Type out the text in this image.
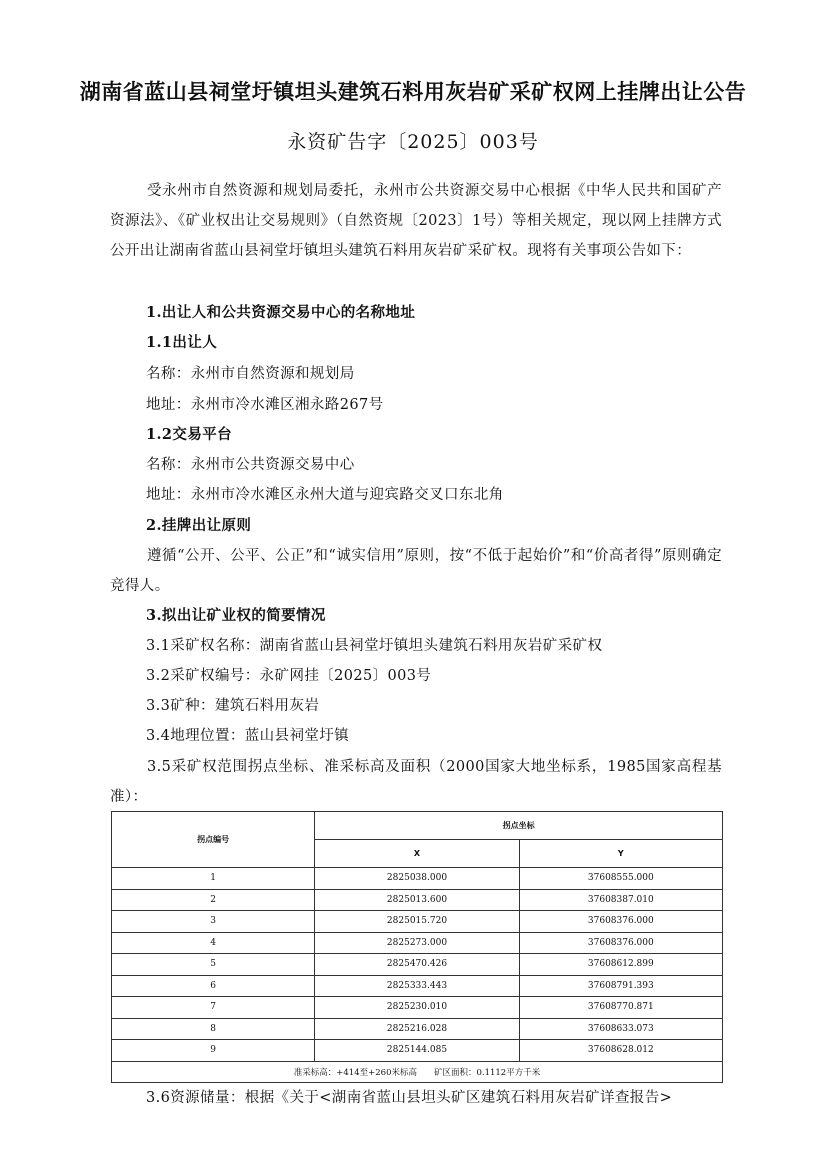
湖南省蓝山县祠堂圩镇坦头建筑石料用灰岩矿采矿权网上挂牌出让公告
永资矿告字〔2025〕003号
受永州市自然资源和规划局委托，永州市公共资源交易中心根据《中华人民共和国矿产资源法》、《矿业权出让交易规则》（自然资规〔2023〕1号）等相关规定，现以网上挂牌方式公开出让湖南省蓝山县祠堂圩镇坦头建筑石料用灰岩矿采矿权。现将有关事项公告如下：
1.出让人和公共资源交易中心的名称地址
1.1出让人
名称：永州市自然资源和规划局
地址：永州市冷水滩区湘永路267号
1.2交易平台
名称：永州市公共资源交易中心
地址：永州市冷水滩区永州大道与迎宾路交叉口东北角
2.挂牌出让原则
遵循“公开、公平、公正”和“诚实信用”原则，按“不低于起始价”和“价高者得”原则确定竞得人。
3.拟出让矿业权的简要情况
3.1采矿权名称：湖南省蓝山县祠堂圩镇坦头建筑石料用灰岩矿采矿权
3.2采矿权编号：永矿网挂〔2025〕003号
3.3矿种：建筑石料用灰岩
3.4地理位置：蓝山县祠堂圩镇
3.5采矿权范围拐点坐标、准采标高及面积（2000国家大地坐标系，1985国家高程基准）：
拐点编号	拐点坐标	
	X	Y
1	2825038.000	37608555.000
2	2825013.600	37608387.010
3	2825015.720	37608376.000
4	2825273.000	37608376.000
5	2825470.426	37608612.899
6	2825333.443	37608791.393
7	2825230.010	37608770.871
8	2825216.028	37608633.073
9	2825144.085	37608628.012
准采标高：+414至+260米标高　　矿区面积：0.1112平方千米		
3.6资源储量：根据《关于<湖南省蓝山县坦头矿区建筑石料用灰岩矿详查报告>
